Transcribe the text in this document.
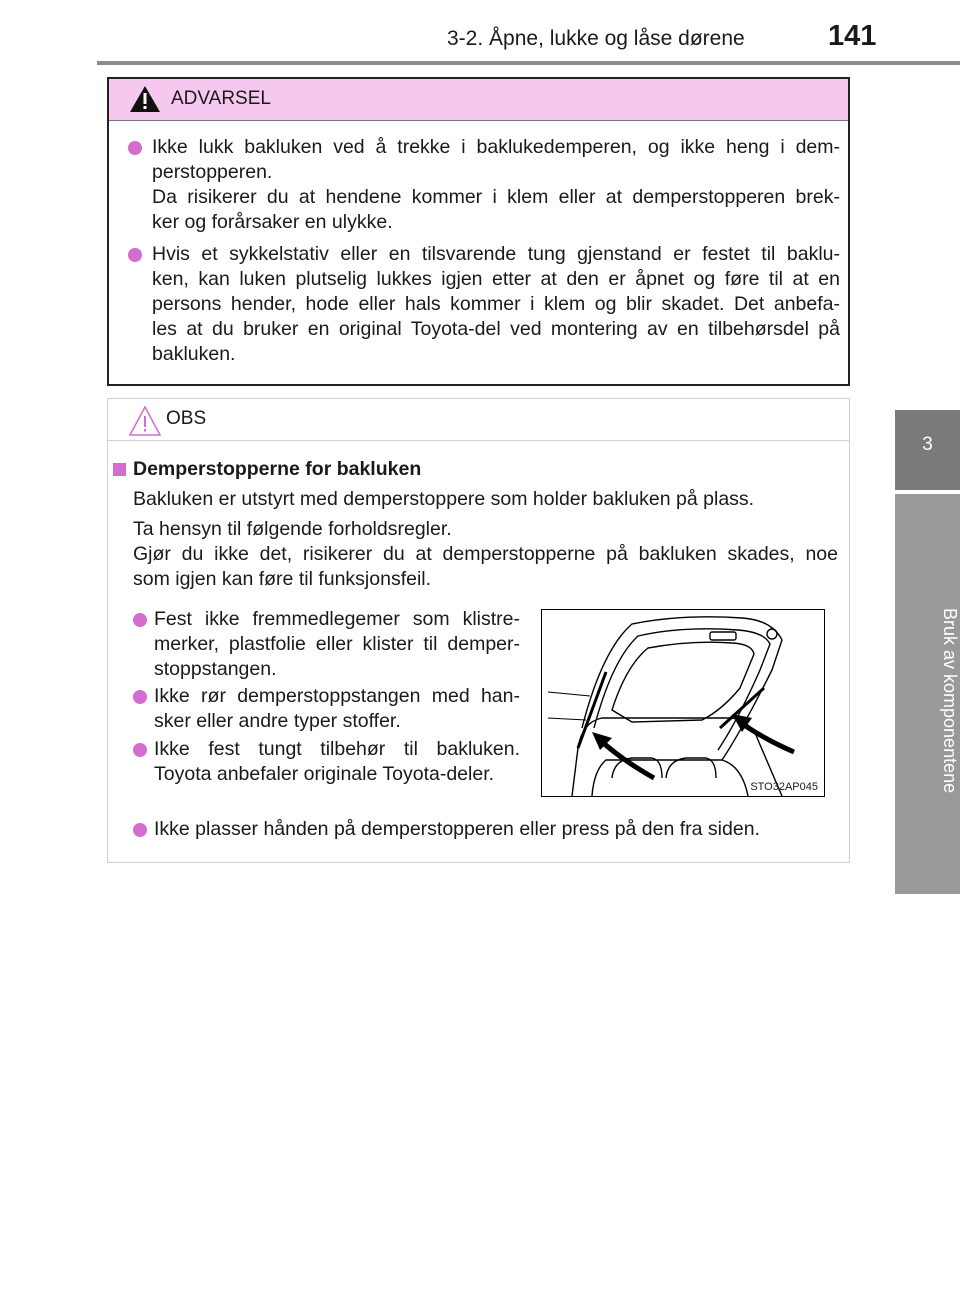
3-2. Åpne, lukke og låse dørene	141
3
Bruk av komponentene
ADVARSEL
Ikke lukk bakluken ved å trekke i baklukedemperen, og ikke heng i dem-
perstopperen.
Da risikerer du at hendene kommer i klem eller at demperstopperen brek-
ker og forårsaker en ulykke.
Hvis et sykkelstativ eller en tilsvarende tung gjenstand er festet til baklu-
ken, kan luken plutselig lukkes igjen etter at den er åpnet og føre til at en
persons hender, hode eller hals kommer i klem og blir skadet. Det anbefa-
les at du bruker en original Toyota-del ved montering av en tilbehørsdel på
bakluken.
OBS
Demperstopperne for bakluken
Bakluken er utstyrt med demperstoppere som holder bakluken på plass.
Ta hensyn til følgende forholdsregler.
Gjør du ikke det, risikerer du at demperstopperne på bakluken skades, noe
som igjen kan føre til funksjonsfeil.
Fest ikke fremmedlegemer som klistre-
merker, plastfolie eller klister til demper-
stoppstangen.
Ikke rør demperstoppstangen med han-
sker eller andre typer stoffer.
Ikke fest tungt tilbehør til bakluken.
Toyota anbefaler originale Toyota-deler.
Ikke plasser hånden på demperstopperen eller press på den fra siden.
STO32AP045
